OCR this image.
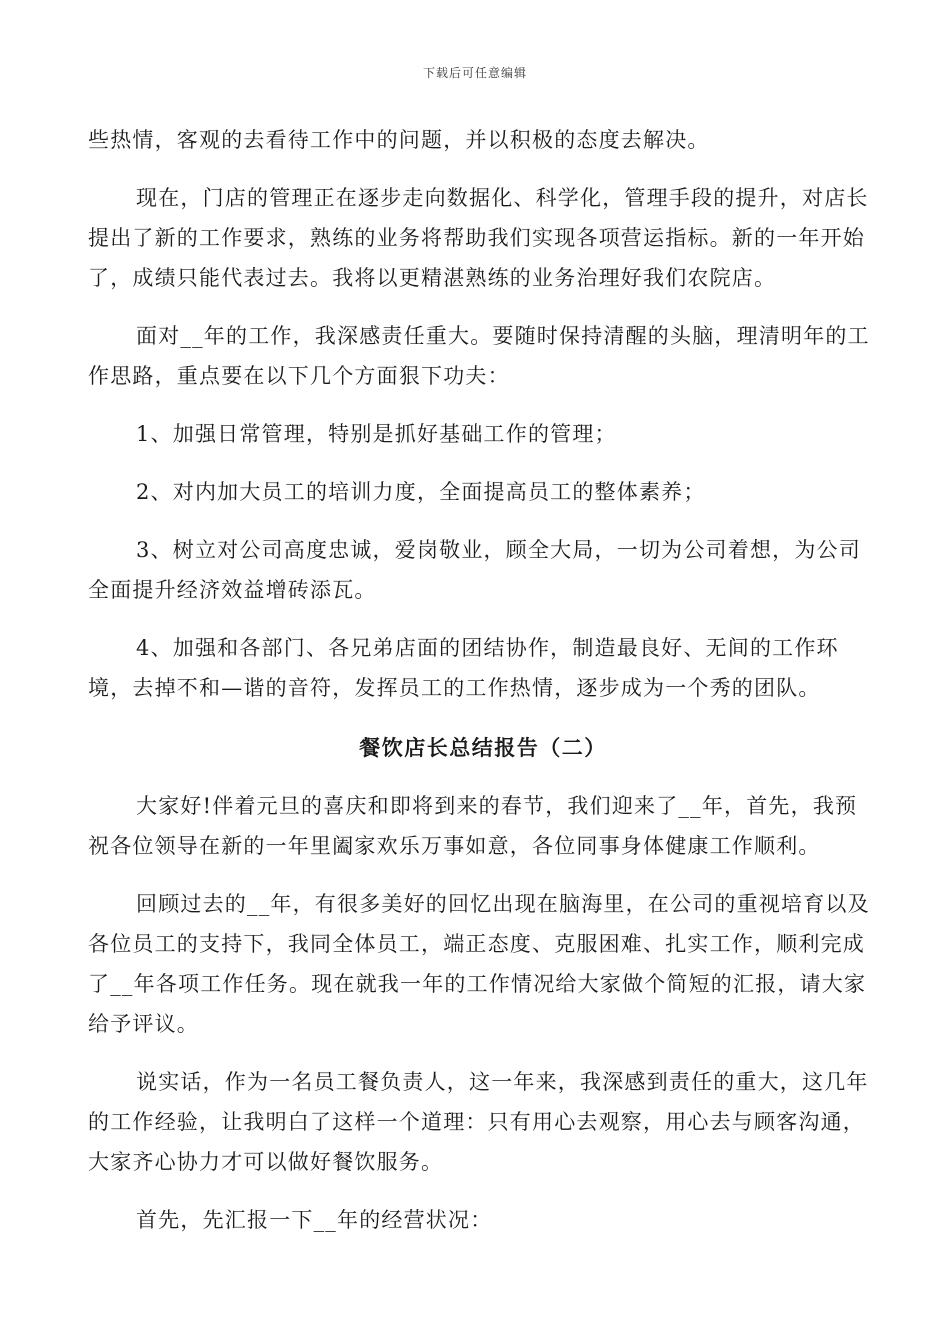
下载后可任意编辑

些热情，客观的去看待工作中的问题，并以积极的态度去解决。

现在，门店的管理正在逐步走向数据化、科学化，管理手段的提升，对店长提出了新的工作要求，熟练的业务将帮助我们实现各项营运指标。新的一年开始了，成绩只能代表过去。我将以更精湛熟练的业务治理好我们农院店。

面对__年的工作，我深感责任重大。要随时保持清醒的头脑，理清明年的工作思路，重点要在以下几个方面狠下功夫：

1、加强日常管理，特别是抓好基础工作的管理；

2、对内加大员工的培训力度，全面提高员工的整体素养；

3、树立对公司高度忠诚，爱岗敬业，顾全大局，一切为公司着想，为公司全面提升经济效益增砖添瓦。

4、加强和各部门、各兄弟店面的团结协作，制造最良好、无间的工作环境，去掉不和—谐的音符，发挥员工的工作热情，逐步成为一个秀的团队。

餐饮店长总结报告（二）

大家好!伴着元旦的喜庆和即将到来的春节，我们迎来了__年，首先，我预祝各位领导在新的一年里阖家欢乐万事如意，各位同事身体健康工作顺利。

回顾过去的__年，有很多美好的回忆出现在脑海里，在公司的重视培育以及各位员工的支持下，我同全体员工，端正态度、克服困难、扎实工作，顺利完成了__年各项工作任务。现在就我一年的工作情况给大家做个简短的汇报，请大家给予评议。

说实话，作为一名员工餐负责人，这一年来，我深感到责任的重大，这几年的工作经验，让我明白了这样一个道理：只有用心去观察，用心去与顾客沟通，大家齐心协力才可以做好餐饮服务。

首先，先汇报一下__年的经营状况：
